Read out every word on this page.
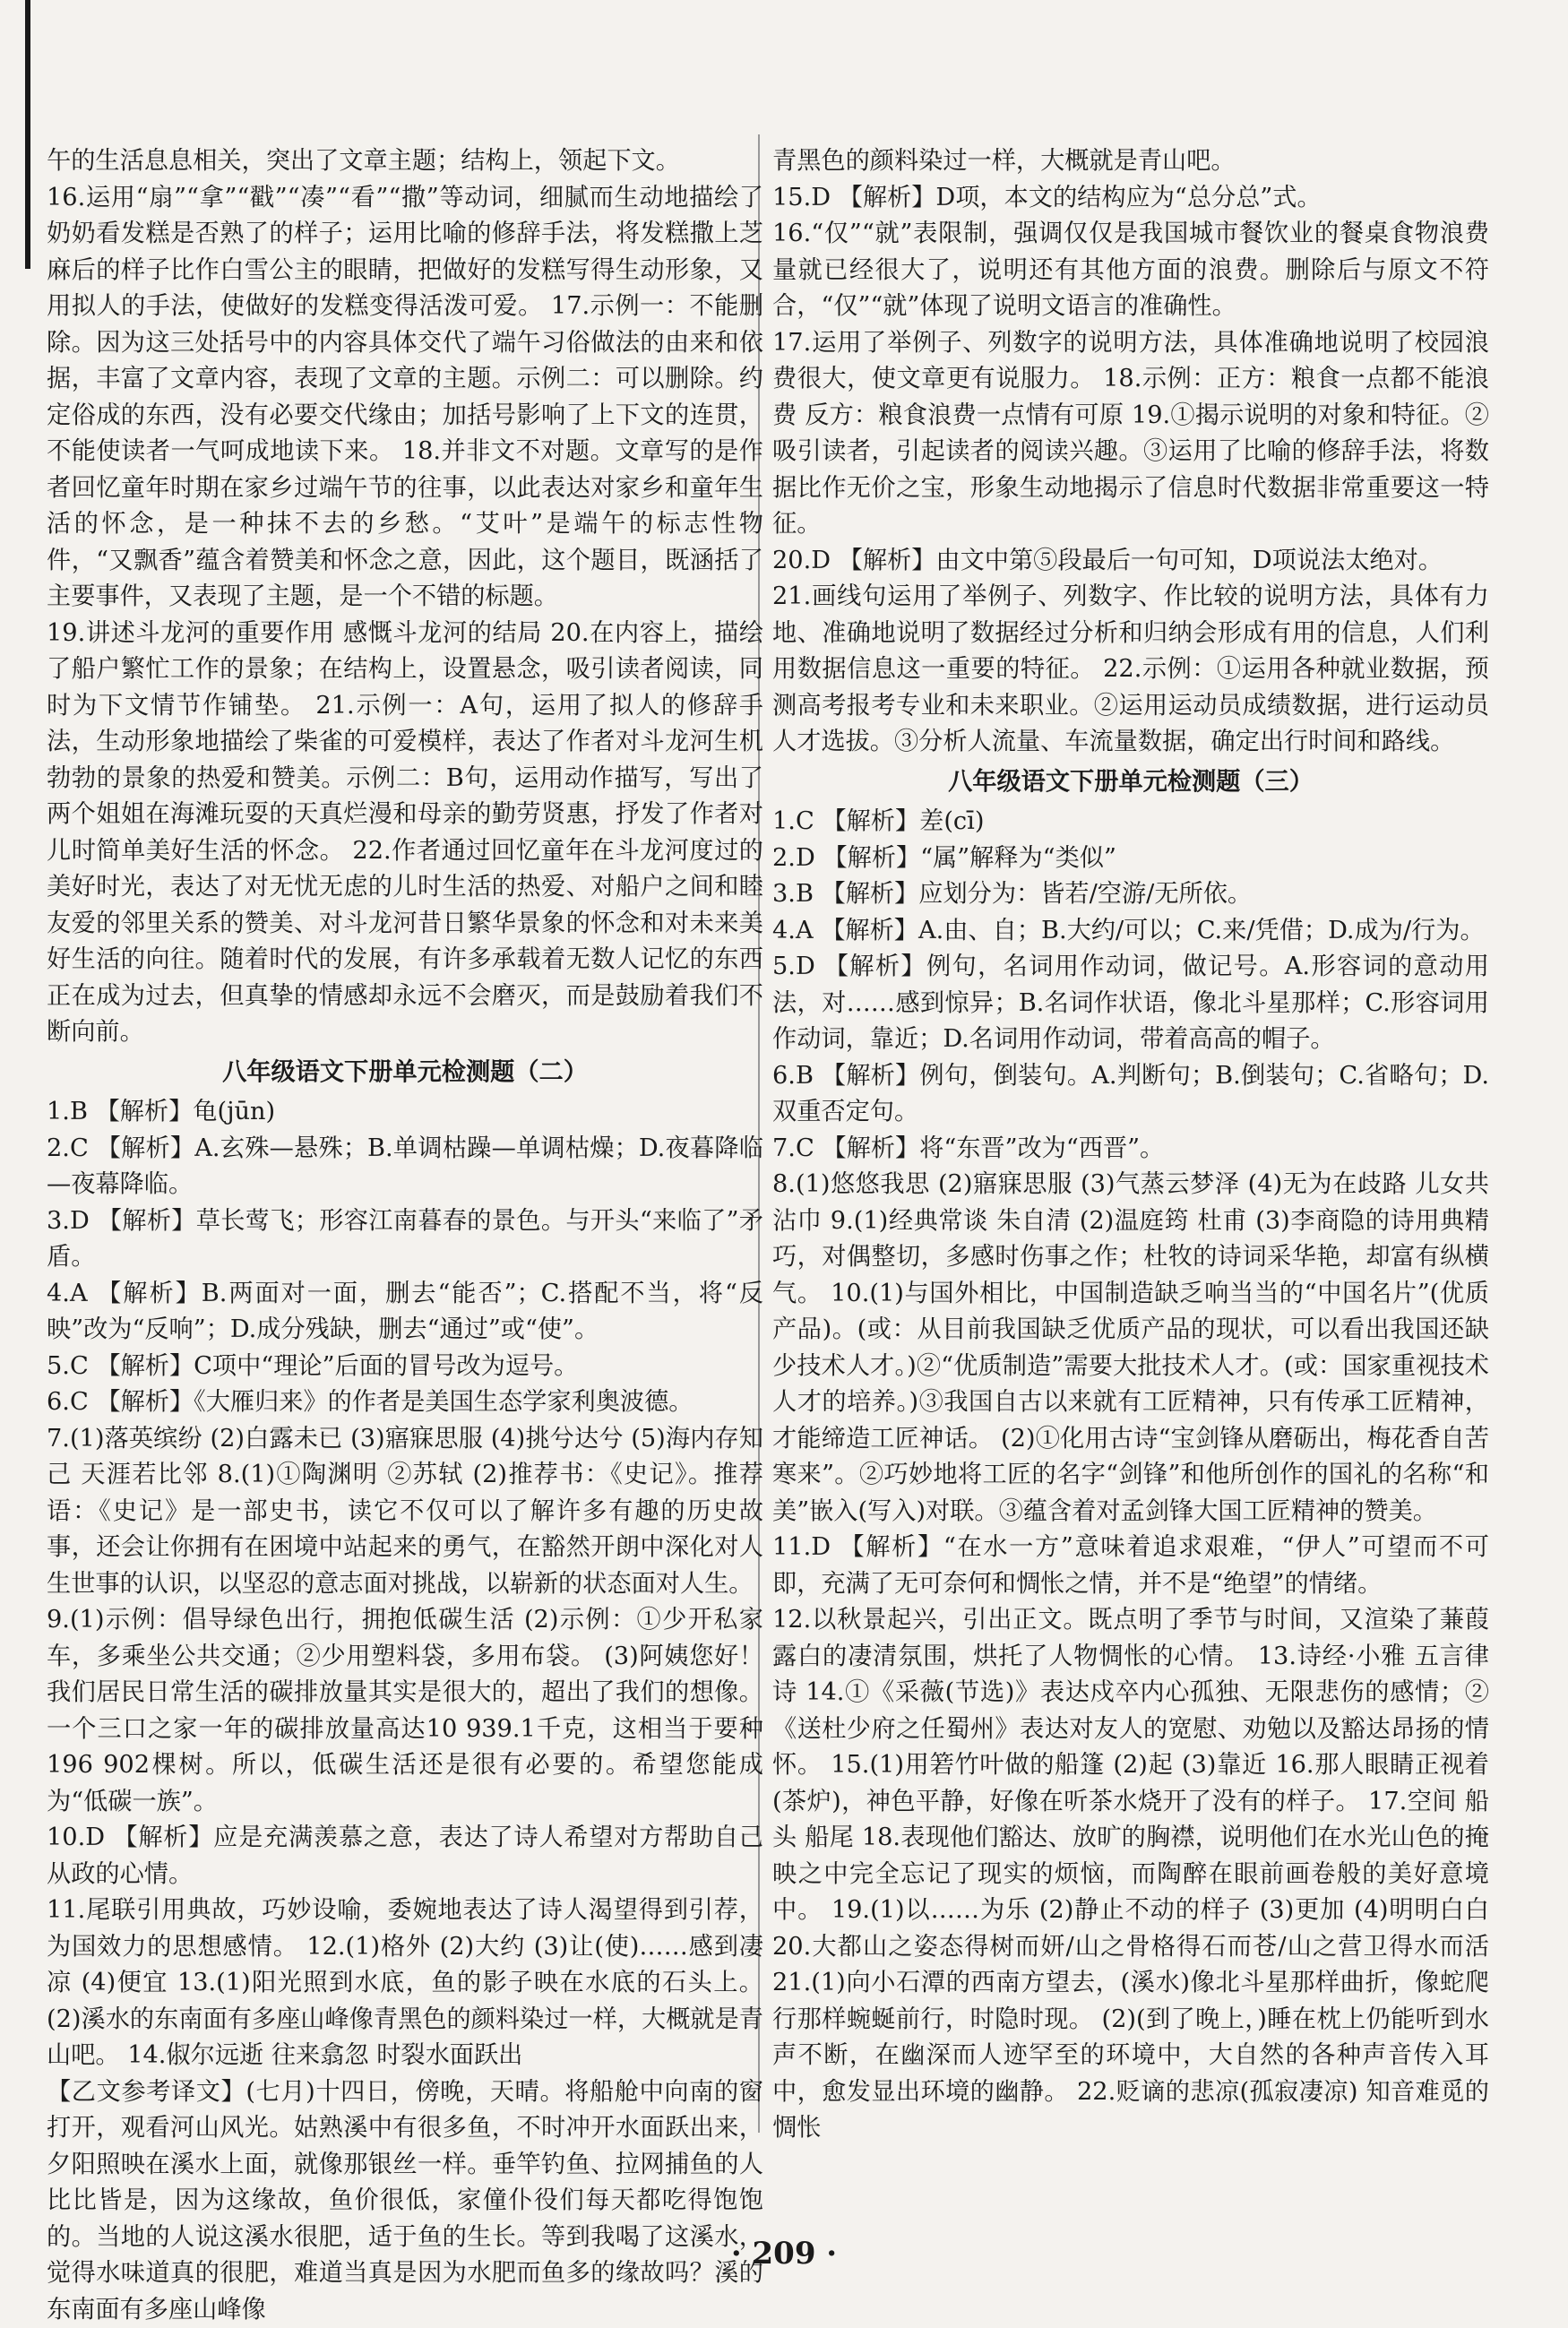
午的生活息息相关，突出了文章主题；结构上，领起下文。

16.运用“扇”“拿”“戳”“凑”“看”“撒”等动词，细腻而生动地描绘了奶奶看发糕是否熟了的样子；运用比喻的修辞手法，将发糕撒上芝麻后的样子比作白雪公主的眼睛，把做好的发糕写得生动形象，又用拟人的手法，使做好的发糕变得活泼可爱。 17.示例一：不能删除。因为这三处括号中的内容具体交代了端午习俗做法的由来和依据，丰富了文章内容，表现了文章的主题。示例二：可以删除。约定俗成的东西，没有必要交代缘由；加括号影响了上下文的连贯，不能使读者一气呵成地读下来。 18.并非文不对题。文章写的是作者回忆童年时期在家乡过端午节的往事，以此表达对家乡和童年生活的怀念，是一种抹不去的乡愁。“艾叶”是端午的标志性物件，“又飘香”蕴含着赞美和怀念之意，因此，这个题目，既涵括了主要事件，又表现了主题，是一个不错的标题。

19.讲述斗龙河的重要作用 感慨斗龙河的结局 20.在内容上，描绘了船户繁忙工作的景象；在结构上，设置悬念，吸引读者阅读，同时为下文情节作铺垫。 21.示例一：A句，运用了拟人的修辞手法，生动形象地描绘了柴雀的可爱模样，表达了作者对斗龙河生机勃勃的景象的热爱和赞美。示例二：B句，运用动作描写，写出了两个姐姐在海滩玩耍的天真烂漫和母亲的勤劳贤惠，抒发了作者对儿时简单美好生活的怀念。 22.作者通过回忆童年在斗龙河度过的美好时光，表达了对无忧无虑的儿时生活的热爱、对船户之间和睦友爱的邻里关系的赞美、对斗龙河昔日繁华景象的怀念和对未来美好生活的向往。随着时代的发展，有许多承载着无数人记忆的东西正在成为过去，但真挚的情感却永远不会磨灭，而是鼓励着我们不断向前。

八年级语文下册单元检测题（二）

1.B 【解析】龟(jūn)

2.C 【解析】A.玄殊—悬殊；B.单调枯躁—单调枯燥；D.夜暮降临—夜幕降临。

3.D 【解析】草长莺飞；形容江南暮春的景色。与开头“来临了”矛盾。

4.A 【解析】B.两面对一面，删去“能否”；C.搭配不当，将“反映”改为“反响”；D.成分残缺，删去“通过”或“使”。

5.C 【解析】C项中“理论”后面的冒号改为逗号。

6.C 【解析】《大雁归来》的作者是美国生态学家利奥波德。

7.(1)落英缤纷 (2)白露未已 (3)寤寐思服 (4)挑兮达兮 (5)海内存知己 天涯若比邻 8.(1)①陶渊明 ②苏轼 (2)推荐书：《史记》。推荐语：《史记》是一部史书，读它不仅可以了解许多有趣的历史故事，还会让你拥有在困境中站起来的勇气，在豁然开朗中深化对人生世事的认识，以坚忍的意志面对挑战，以崭新的状态面对人生。

9.(1)示例：倡导绿色出行，拥抱低碳生活 (2)示例：①少开私家车，多乘坐公共交通；②少用塑料袋，多用布袋。 (3)阿姨您好！我们居民日常生活的碳排放量其实是很大的，超出了我们的想像。一个三口之家一年的碳排放量高达10 939.1千克，这相当于要种196 902棵树。所以，低碳生活还是很有必要的。希望您能成为“低碳一族”。

10.D 【解析】应是充满羡慕之意，表达了诗人希望对方帮助自己从政的心情。

11.尾联引用典故，巧妙设喻，委婉地表达了诗人渴望得到引荐，为国效力的思想感情。 12.(1)格外 (2)大约 (3)让(使)……感到凄凉 (4)便宜 13.(1)阳光照到水底，鱼的影子映在水底的石头上。 (2)溪水的东南面有多座山峰像青黑色的颜料染过一样，大概就是青山吧。 14.俶尔远逝 往来翕忽 时裂水面跃出

【乙文参考译文】(七月)十四日，傍晚，天晴。将船舱中向南的窗打开，观看河山风光。姑熟溪中有很多鱼，不时冲开水面跃出来，夕阳照映在溪水上面，就像那银丝一样。垂竿钓鱼、拉网捕鱼的人比比皆是，因为这缘故，鱼价很低，家僮仆役们每天都吃得饱饱的。当地的人说这溪水很肥，适于鱼的生长。等到我喝了这溪水，觉得水味道真的很肥，难道当真是因为水肥而鱼多的缘故吗？溪的东南面有多座山峰像

青黑色的颜料染过一样，大概就是青山吧。

15.D 【解析】D项，本文的结构应为“总分总”式。

16.“仅”“就”表限制，强调仅仅是我国城市餐饮业的餐桌食物浪费量就已经很大了，说明还有其他方面的浪费。删除后与原文不符合，“仅”“就”体现了说明文语言的准确性。

17.运用了举例子、列数字的说明方法，具体准确地说明了校园浪费很大，使文章更有说服力。 18.示例：正方：粮食一点都不能浪费 反方：粮食浪费一点情有可原 19.①揭示说明的对象和特征。②吸引读者，引起读者的阅读兴趣。③运用了比喻的修辞手法，将数据比作无价之宝，形象生动地揭示了信息时代数据非常重要这一特征。

20.D 【解析】由文中第⑤段最后一句可知，D项说法太绝对。

21.画线句运用了举例子、列数字、作比较的说明方法，具体有力地、准确地说明了数据经过分析和归纳会形成有用的信息，人们利用数据信息这一重要的特征。 22.示例：①运用各种就业数据，预测高考报考专业和未来职业。②运用运动员成绩数据，进行运动员人才选拔。③分析人流量、车流量数据，确定出行时间和路线。

八年级语文下册单元检测题（三）

1.C 【解析】差(cī)

2.D 【解析】“属”解释为“类似”

3.B 【解析】应划分为：皆若/空游/无所依。

4.A 【解析】A.由、自；B.大约/可以；C.来/凭借；D.成为/行为。

5.D 【解析】例句，名词用作动词，做记号。A.形容词的意动用法，对……感到惊异；B.名词作状语，像北斗星那样；C.形容词用作动词，靠近；D.名词用作动词，带着高高的帽子。

6.B 【解析】例句，倒装句。A.判断句；B.倒装句；C.省略句；D.双重否定句。

7.C 【解析】将“东晋”改为“西晋”。

8.(1)悠悠我思 (2)寤寐思服 (3)气蒸云梦泽 (4)无为在歧路 儿女共沾巾 9.(1)经典常谈 朱自清 (2)温庭筠 杜甫 (3)李商隐的诗用典精巧，对偶整切，多感时伤事之作；杜牧的诗词采华艳，却富有纵横气。 10.(1)与国外相比，中国制造缺乏响当当的“中国名片”(优质产品)。(或：从目前我国缺乏优质产品的现状，可以看出我国还缺少技术人才。)②“优质制造”需要大批技术人才。(或：国家重视技术人才的培养。)③我国自古以来就有工匠精神，只有传承工匠精神，才能缔造工匠神话。 (2)①化用古诗“宝剑锋从磨砺出，梅花香自苦寒来”。②巧妙地将工匠的名字“剑锋”和他所创作的国礼的名称“和美”嵌入(写入)对联。③蕴含着对孟剑锋大国工匠精神的赞美。

11.D 【解析】“在水一方”意味着追求艰难，“伊人”可望而不可即，充满了无可奈何和惆怅之情，并不是“绝望”的情绪。

12.以秋景起兴，引出正文。既点明了季节与时间，又渲染了蒹葭露白的凄清氛围，烘托了人物惆怅的心情。 13.诗经·小雅 五言律诗 14.①《采薇(节选)》表达戍卒内心孤独、无限悲伤的感情；②《送杜少府之任蜀州》表达对友人的宽慰、劝勉以及豁达昂扬的情怀。 15.(1)用箬竹叶做的船篷 (2)起 (3)靠近 16.那人眼睛正视着(茶炉)，神色平静，好像在听茶水烧开了没有的样子。 17.空间 船头 船尾 18.表现他们豁达、放旷的胸襟，说明他们在水光山色的掩映之中完全忘记了现实的烦恼，而陶醉在眼前画卷般的美好意境中。 19.(1)以……为乐 (2)静止不动的样子 (3)更加 (4)明明白白 20.大都山之姿态得树而妍/山之骨格得石而苍/山之营卫得水而活 21.(1)向小石潭的西南方望去，(溪水)像北斗星那样曲折，像蛇爬行那样蜿蜒前行，时隐时现。 (2)(到了晚上，)睡在枕上仍能听到水声不断，在幽深而人迹罕至的环境中，大自然的各种声音传入耳中，愈发显出环境的幽静。 22.贬谪的悲凉(孤寂凄凉) 知音难觅的惆怅

· 209 ·
